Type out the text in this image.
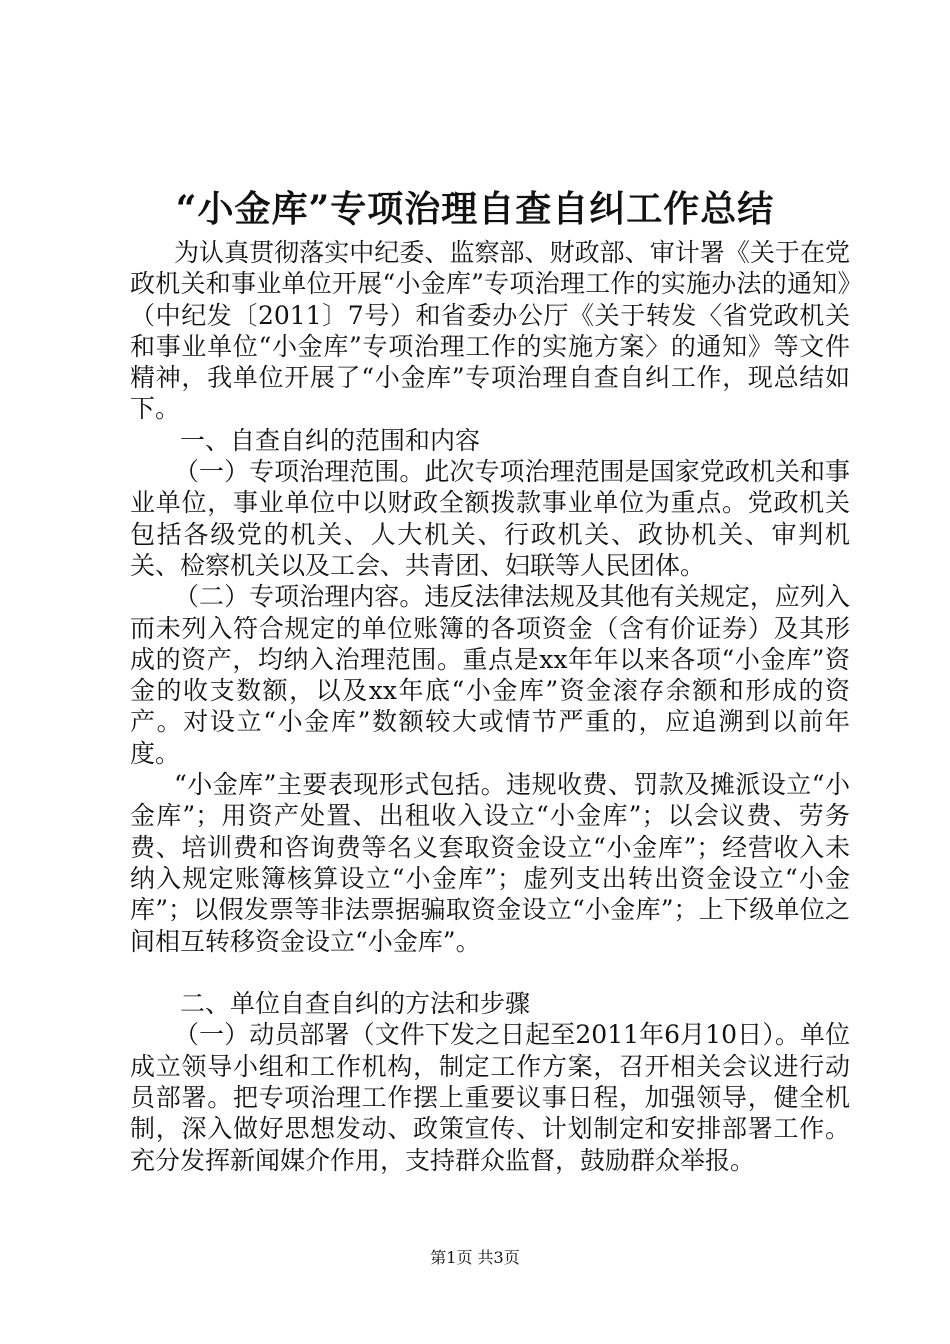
“小金库”专项治理自查自纠工作总结

为认真贯彻落实中纪委、监察部、财政部、审计署《关于在党政机关和事业单位开展“小金库”专项治理工作的实施办法的通知》（中纪发〔2011〕7号）和省委办公厅《关于转发〈省党政机关和事业单位“小金库”专项治理工作的实施方案〉的通知》等文件精神，我单位开展了“小金库”专项治理自查自纠工作，现总结如下。

一、自查自纠的范围和内容

（一）专项治理范围。此次专项治理范围是国家党政机关和事业单位，事业单位中以财政全额拨款事业单位为重点。党政机关包括各级党的机关、人大机关、行政机关、政协机关、审判机关、检察机关以及工会、共青团、妇联等人民团体。

（二）专项治理内容。违反法律法规及其他有关规定，应列入而未列入符合规定的单位账簿的各项资金（含有价证券）及其形成的资产，均纳入治理范围。重点是xx年年以来各项“小金库”资金的收支数额，以及xx年底“小金库”资金滚存余额和形成的资产。对设立“小金库”数额较大或情节严重的，应追溯到以前年度。

“小金库”主要表现形式包括。违规收费、罚款及摊派设立“小金库”；用资产处置、出租收入设立“小金库”；以会议费、劳务费、培训费和咨询费等名义套取资金设立“小金库”；经营收入未纳入规定账簿核算设立“小金库”；虚列支出转出资金设立“小金库”；以假发票等非法票据骗取资金设立“小金库”；上下级单位之间相互转移资金设立“小金库”。

二、单位自查自纠的方法和步骤

（一）动员部署（文件下发之日起至2011年6月10日）。单位成立领导小组和工作机构，制定工作方案，召开相关会议进行动员部署。把专项治理工作摆上重要议事日程，加强领导，健全机制，深入做好思想发动、政策宣传、计划制定和安排部署工作。充分发挥新闻媒介作用，支持群众监督，鼓励群众举报。

第1页 共3页
